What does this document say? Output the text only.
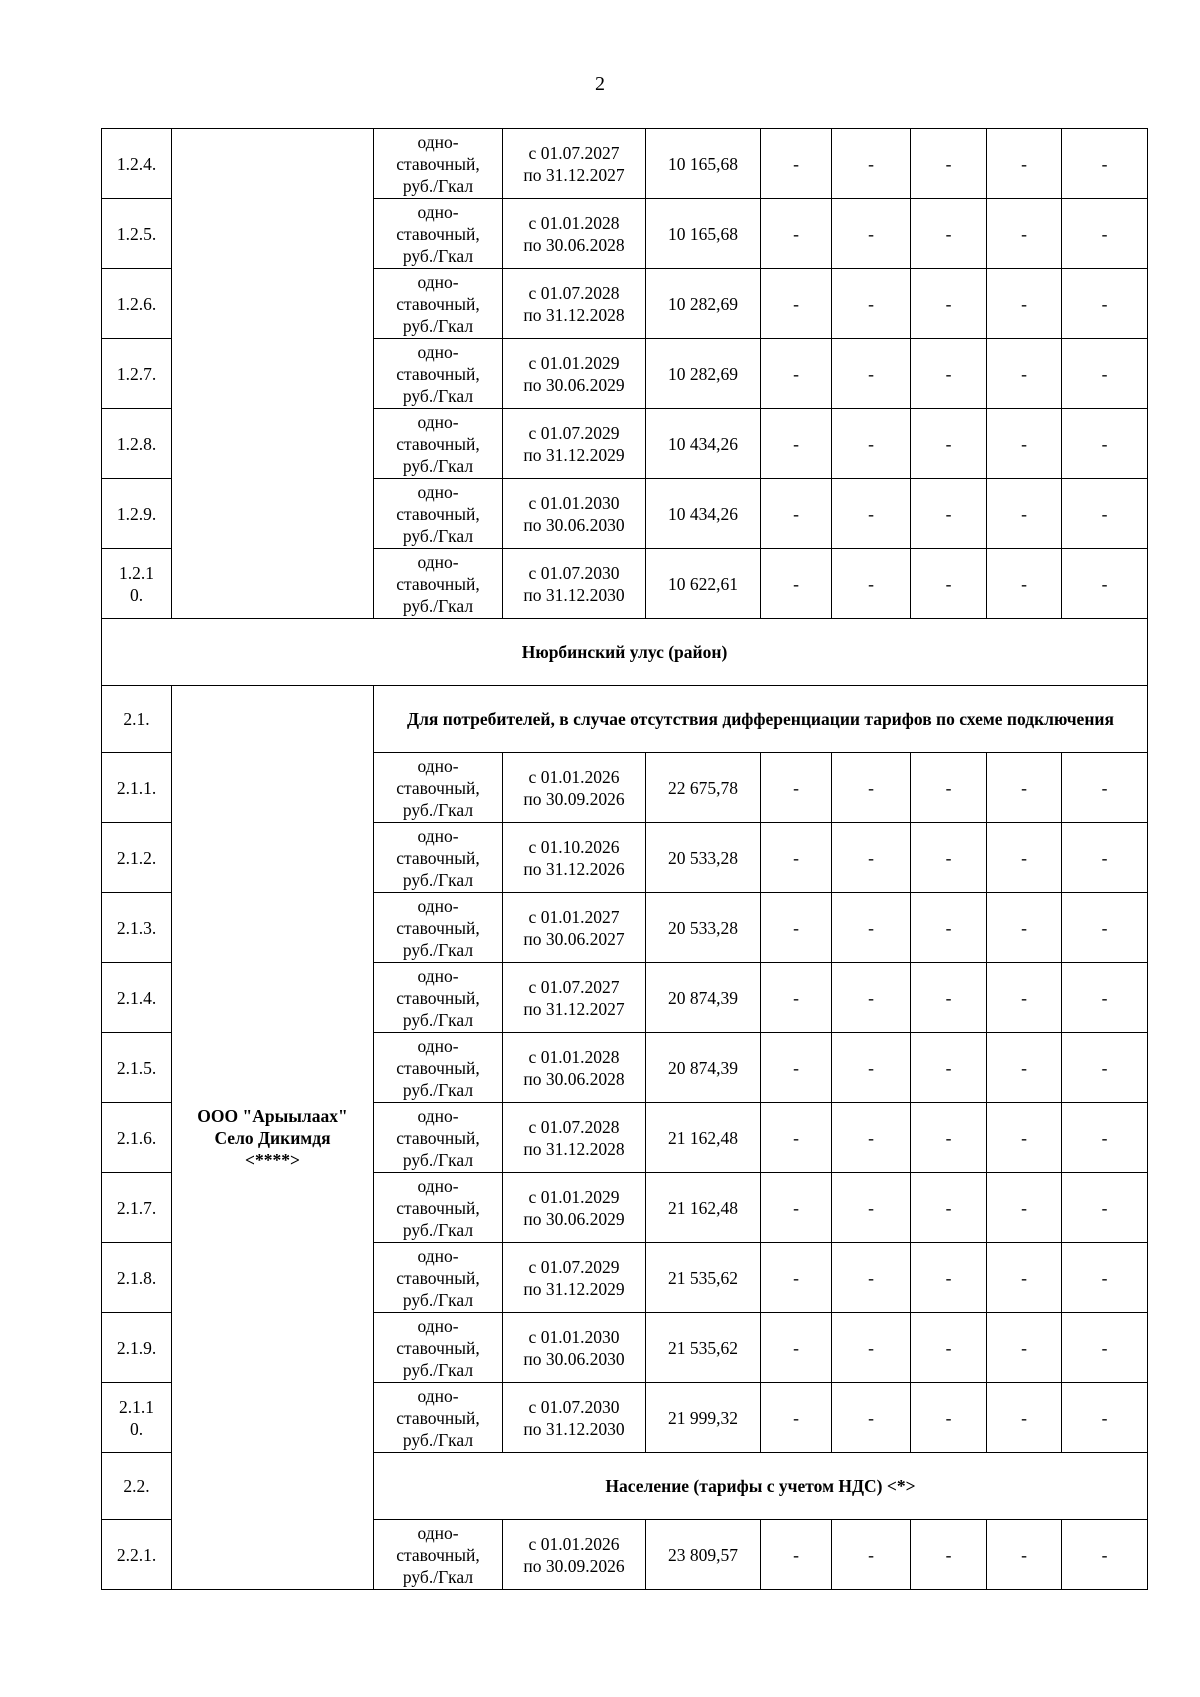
2
1.2.4.		одно-
ставочный,
руб./Гкал	с 01.07.2027
по 31.12.2027	10 165,68	-	-	-	-	-
1.2.5.		одно-
ставочный,
руб./Гкал	с 01.01.2028
по 30.06.2028	10 165,68	-	-	-	-	-
1.2.6.		одно-
ставочный,
руб./Гкал	с 01.07.2028
по 31.12.2028	10 282,69	-	-	-	-	-
1.2.7.		одно-
ставочный,
руб./Гкал	с 01.01.2029
по 30.06.2029	10 282,69	-	-	-	-	-
1.2.8.		одно-
ставочный,
руб./Гкал	с 01.07.2029
по 31.12.2029	10 434,26	-	-	-	-	-
1.2.9.		одно-
ставочный,
руб./Гкал	с 01.01.2030
по 30.06.2030	10 434,26	-	-	-	-	-
1.2.1
0.		одно-
ставочный,
руб./Гкал	с 01.07.2030
по 31.12.2030	10 622,61	-	-	-	-	-
Нюрбинский улус (район)									
2.1.	ООО "Арыылаах"
Село Дикимдя
<****>	Для потребителей, в случае отсутствия дифференциации тарифов по схеме подключения							
2.1.1.		одно-
ставочный,
руб./Гкал	с 01.01.2026
по 30.09.2026	22 675,78	-	-	-	-	-
2.1.2.		одно-
ставочный,
руб./Гкал	с 01.10.2026
по 31.12.2026	20 533,28	-	-	-	-	-
2.1.3.		одно-
ставочный,
руб./Гкал	с 01.01.2027
по 30.06.2027	20 533,28	-	-	-	-	-
2.1.4.		одно-
ставочный,
руб./Гкал	с 01.07.2027
по 31.12.2027	20 874,39	-	-	-	-	-
2.1.5.		одно-
ставочный,
руб./Гкал	с 01.01.2028
по 30.06.2028	20 874,39	-	-	-	-	-
2.1.6.		одно-
ставочный,
руб./Гкал	с 01.07.2028
по 31.12.2028	21 162,48	-	-	-	-	-
2.1.7.		одно-
ставочный,
руб./Гкал	с 01.01.2029
по 30.06.2029	21 162,48	-	-	-	-	-
2.1.8.		одно-
ставочный,
руб./Гкал	с 01.07.2029
по 31.12.2029	21 535,62	-	-	-	-	-
2.1.9.		одно-
ставочный,
руб./Гкал	с 01.01.2030
по 30.06.2030	21 535,62	-	-	-	-	-
2.1.1
0.		одно-
ставочный,
руб./Гкал	с 01.07.2030
по 31.12.2030	21 999,32	-	-	-	-	-
2.2.		Население (тарифы с учетом НДС) <*>							
2.2.1.		одно-
ставочный,
руб./Гкал	с 01.01.2026
по 30.09.2026	23 809,57	-	-	-	-	-
